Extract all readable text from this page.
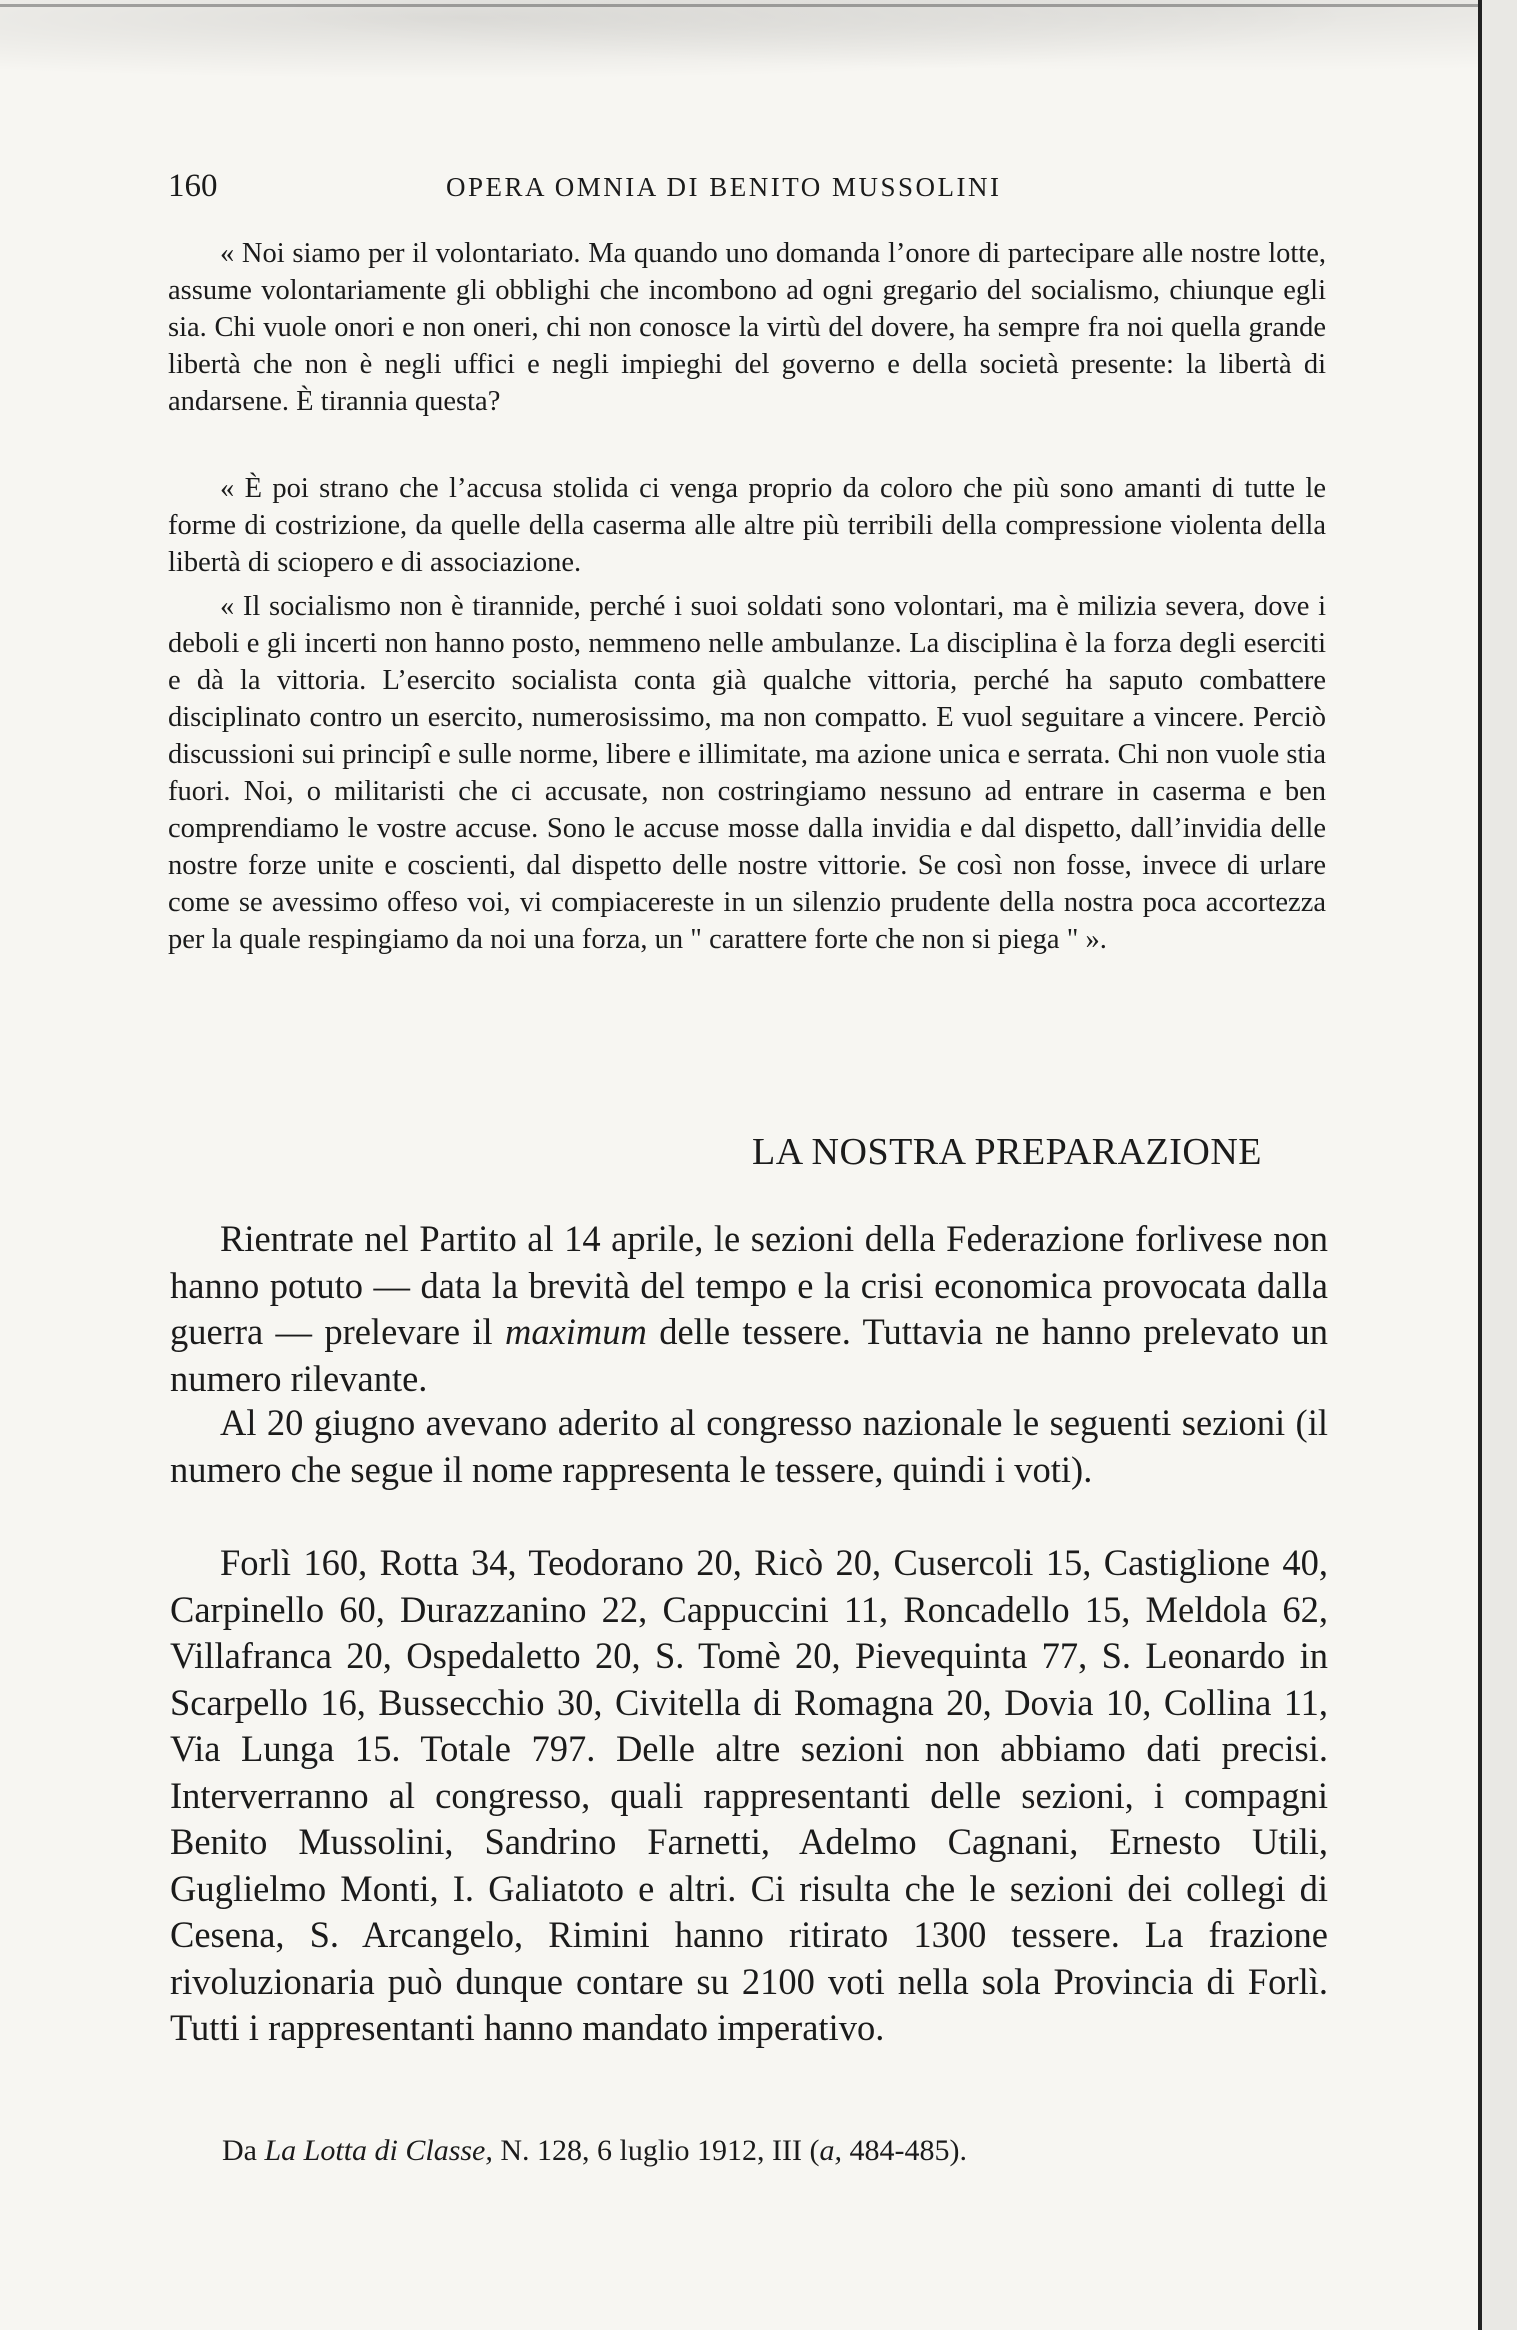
160	OPERA OMNIA DI BENITO MUSSOLINI

« Noi siamo per il volontariato. Ma quando uno domanda l’onore di partecipare alle nostre lotte, assume volontariamente gli obblighi che incombono ad ogni gregario del socialismo, chiunque egli sia. Chi vuole onori e non oneri, chi non conosce la virtù del dovere, ha sempre fra noi quella grande libertà che non è negli uffici e negli impieghi del governo e della società presente: la libertà di andarsene. È tirannia questa?

« È poi strano che l’accusa stolida ci venga proprio da coloro che più sono amanti di tutte le forme di costrizione, da quelle della caserma alle altre più terribili della compressione violenta della libertà di sciopero e di associazione.

« Il socialismo non è tirannide, perché i suoi soldati sono volontari, ma è milizia severa, dove i deboli e gli incerti non hanno posto, nemmeno nelle ambulanze. La disciplina è la forza degli eserciti e dà la vittoria. L’esercito socialista conta già qualche vittoria, perché ha saputo combattere disciplinato contro un esercito, numerosissimo, ma non compatto. E vuol seguitare a vincere. Perciò discussioni sui principî e sulle norme, libere e illimitate, ma azione unica e serrata. Chi non vuole stia fuori. Noi, o militaristi che ci accusate, non costringiamo nessuno ad entrare in caserma e ben comprendiamo le vostre accuse. Sono le accuse mosse dalla invidia e dal dispetto, dall’invidia delle nostre forze unite e coscienti, dal dispetto delle nostre vittorie. Se così non fosse, invece di urlare come se avessimo offeso voi, vi compiacereste in un silenzio prudente della nostra poca accortezza per la quale respingiamo da noi una forza, un " carattere forte che non si piega " ».

LA NOSTRA PREPARAZIONE

Rientrate nel Partito al 14 aprile, le sezioni della Federazione forlivese non hanno potuto — data la brevità del tempo e la crisi economica provocata dalla guerra — prelevare il maximum delle tessere. Tuttavia ne hanno prelevato un numero rilevante.

Al 20 giugno avevano aderito al congresso nazionale le seguenti sezioni (il numero che segue il nome rappresenta le tessere, quindi i voti).

Forlì 160, Rotta 34, Teodorano 20, Ricò 20, Cusercoli 15, Castiglione 40, Carpinello 60, Durazzanino 22, Cappuccini 11, Roncadello 15, Meldola 62, Villafranca 20, Ospedaletto 20, S. Tomè 20, Pievequinta 77, S. Leonardo in Scarpello 16, Bussecchio 30, Civitella di Romagna 20, Dovia 10, Collina 11, Via Lunga 15. Totale 797. Delle altre sezioni non abbiamo dati precisi. Interverranno al congresso, quali rappresentanti delle sezioni, i compagni Benito Mussolini, Sandrino Farnetti, Adelmo Cagnani, Ernesto Utili, Guglielmo Monti, I. Galiatoto e altri. Ci risulta che le sezioni dei collegi di Cesena, S. Arcangelo, Rimini hanno ritirato 1300 tessere. La frazione rivoluzionaria può dunque contare su 2100 voti nella sola Provincia di Forlì. Tutti i rappresentanti hanno mandato imperativo.

Da La Lotta di Classe, N. 128, 6 luglio 1912, III (a, 484-485).
